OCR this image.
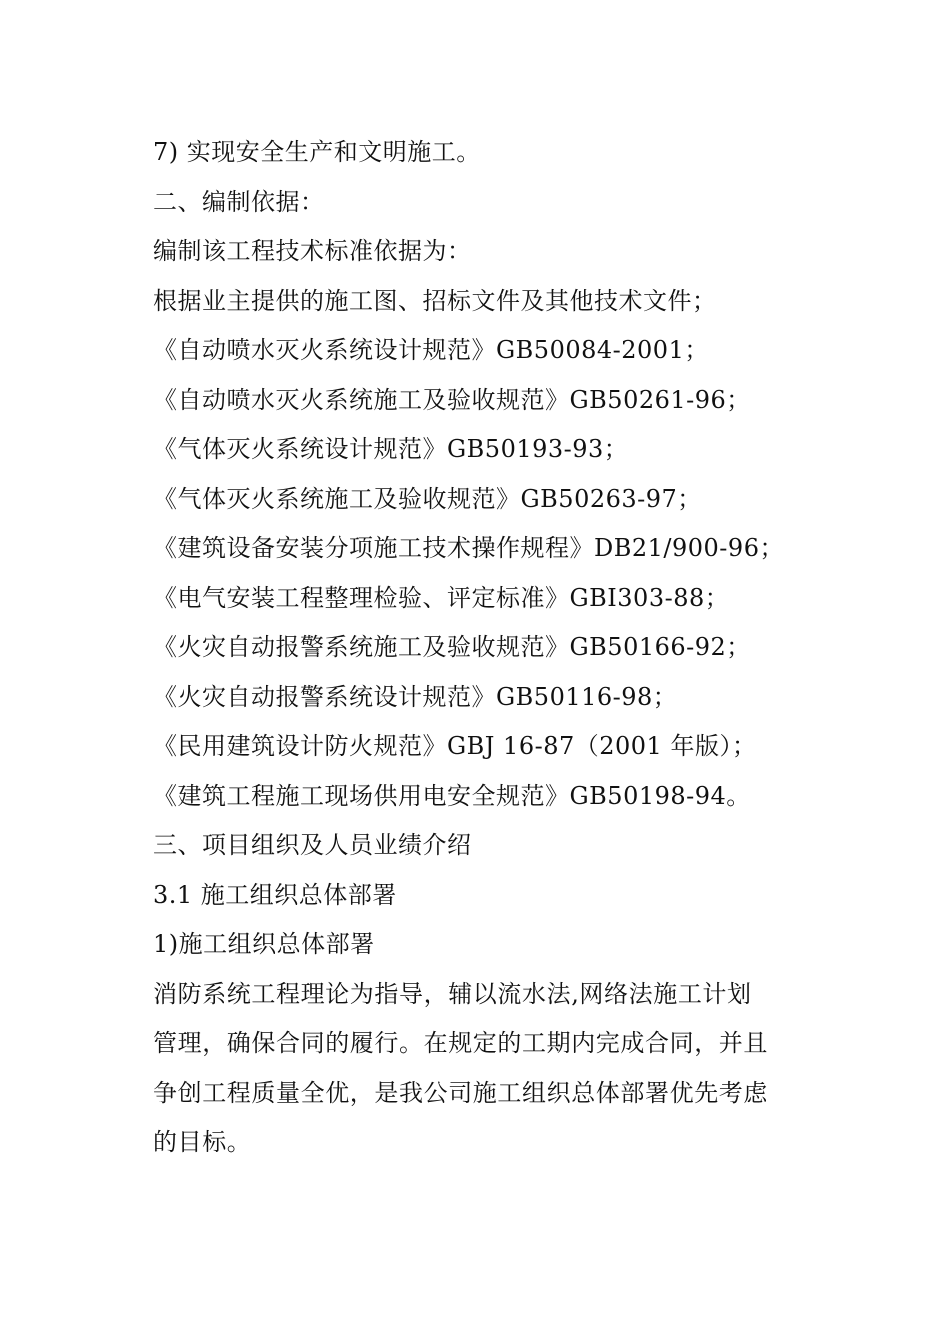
7) 实现安全生产和文明施工。
二、编制依据：
编制该工程技术标准依据为：
根据业主提供的施工图、招标文件及其他技术文件；
《自动喷水灭火系统设计规范》GB50084-2001；
《自动喷水灭火系统施工及验收规范》GB50261-96；
《气体灭火系统设计规范》GB50193-93；
《气体灭火系统施工及验收规范》GB50263-97；
《建筑设备安装分项施工技术操作规程》DB21/900-96；
《电气安装工程整理检验、评定标准》GBI303-88；
《火灾自动报警系统施工及验收规范》GB50166-92；
《火灾自动报警系统设计规范》GB50116-98；
《民用建筑设计防火规范》GBJ 16-87（2001 年版）；
《建筑工程施工现场供用电安全规范》GB50198-94。
三、项目组织及人员业绩介绍
3.1 施工组织总体部署
1)施工组织总体部署
消防系统工程理论为指导，辅以流水法,网络法施工计划
管理，确保合同的履行。在规定的工期内完成合同，并且
争创工程质量全优，是我公司施工组织总体部署优先考虑
的目标。
